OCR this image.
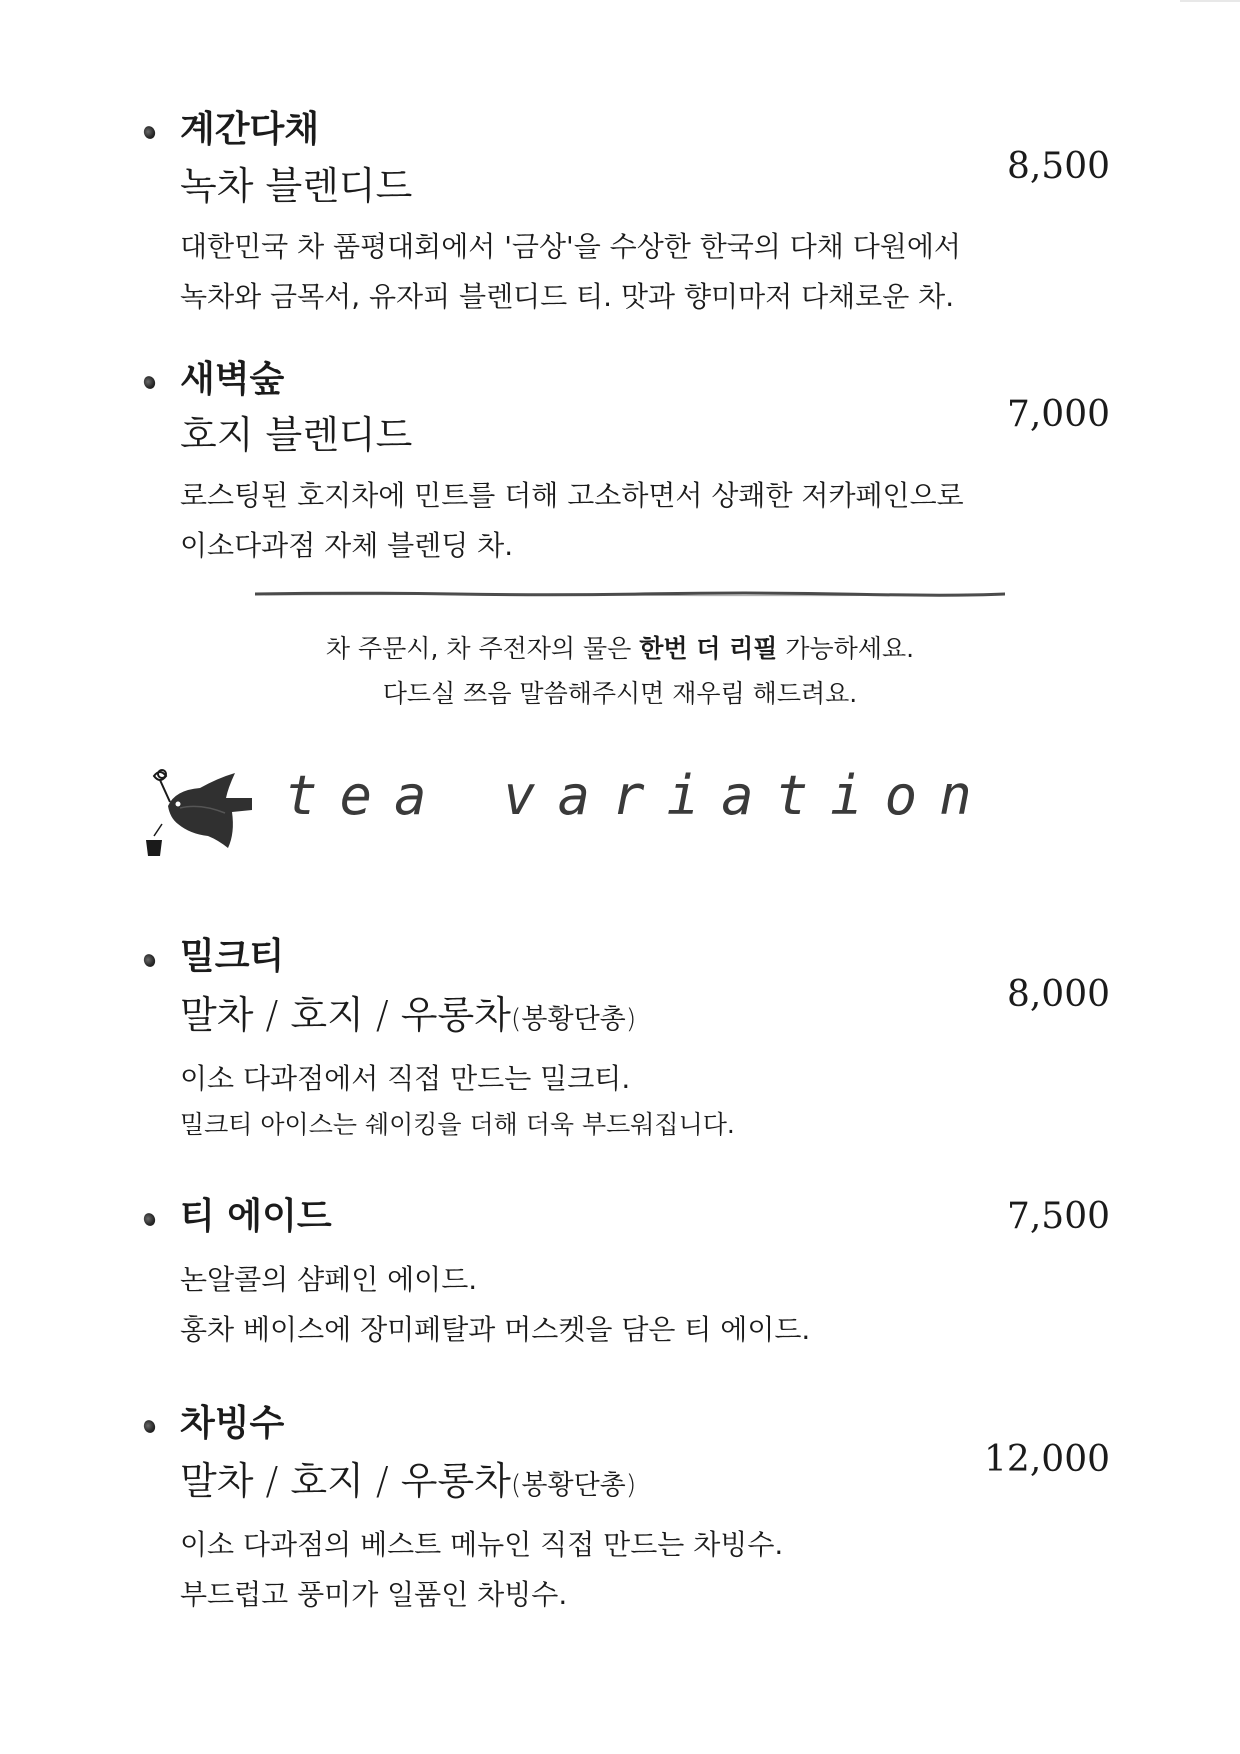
계간다채
녹차 블렌디드	8,500
대한민국 차 품평대회에서 '금상'을 수상한 한국의 다채 다원에서
녹차와 금목서, 유자피 블렌디드 티. 맛과 향미마저 다채로운 차.
새벽숲
호지 블렌디드	7,000
로스팅된 호지차에 민트를 더해 고소하면서 상쾌한 저카페인으로
이소다과점 자체 블렌딩 차.
차 주문시, 차 주전자의 물은 한번 더 리필 가능하세요.
다드실 쯔음 말씀해주시면 재우림 해드려요.
tea variation
밀크티
말차 / 호지 / 우롱차(봉황단총)
8,000
이소 다과점에서 직접 만드는 밀크티.
밀크티 아이스는 쉐이킹을 더해 더욱 부드워집니다.
티 에이드	7,500
논알콜의 샴페인 에이드.
홍차 베이스에 장미페탈과 머스켓을 담은 티 에이드.
차빙수
말차 / 호지 / 우롱차(봉황단총)
12,000
이소 다과점의 베스트 메뉴인 직접 만드는 차빙수.
부드럽고 풍미가 일품인 차빙수.
